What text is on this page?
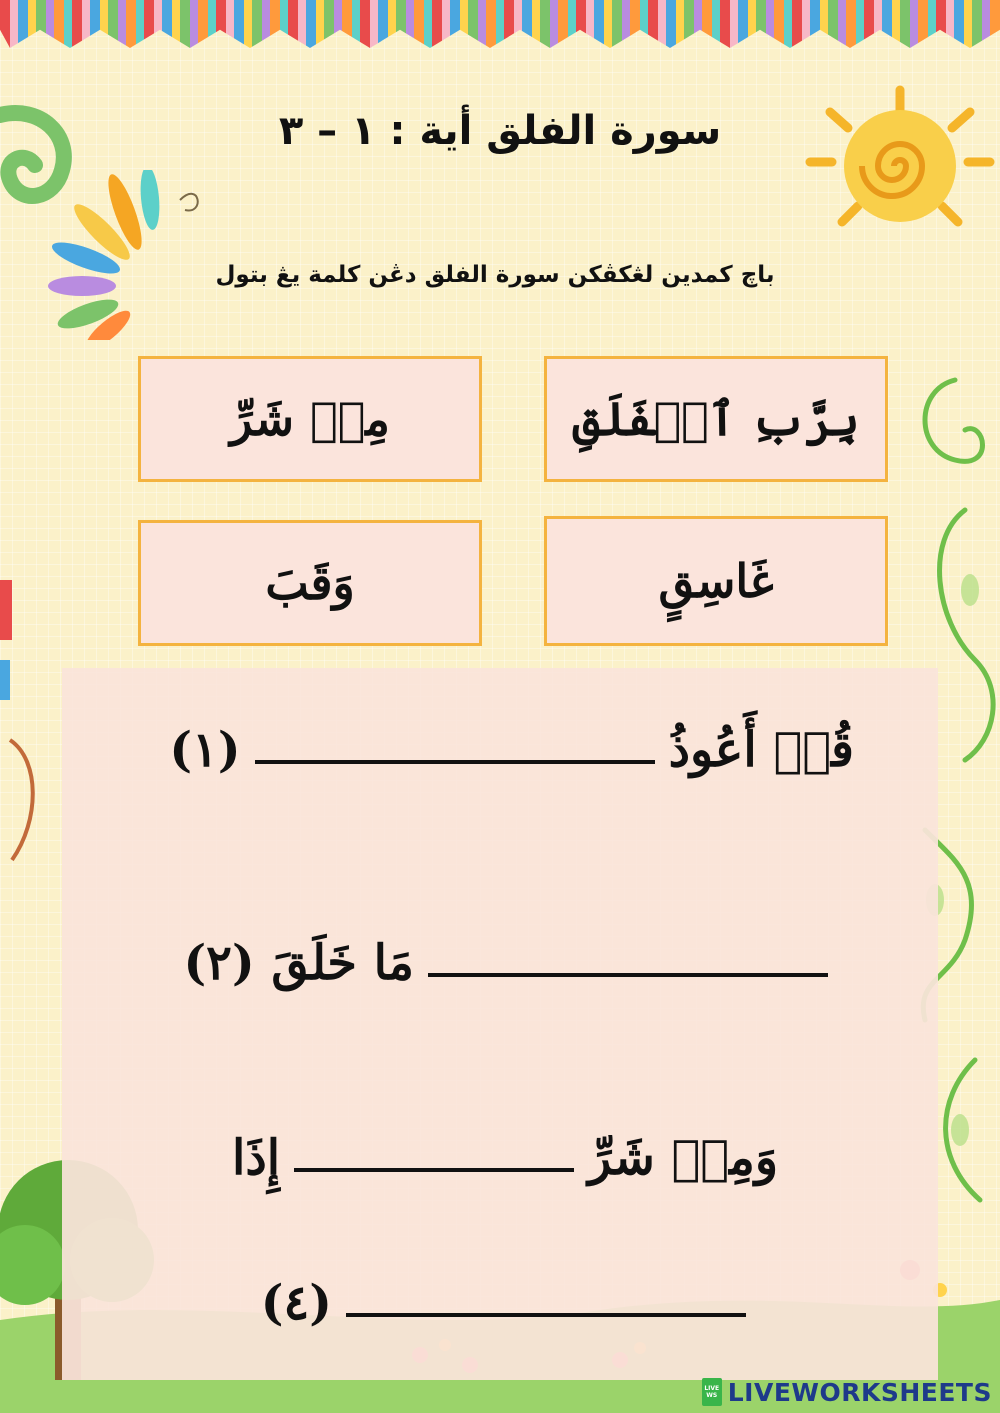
سورة الفلق أية : ١ – ٣

باچ كمدين لڠكڤكن سورة الفلق دڠن كلمة يڠ بتول

بِرَّبِ ٱلۡفَلَقِ
مِنۡ شَرِّ
غَاسِقٍ
وَقَبَ
قُلۡ أَعُوذُ
(١)
مَا خَلَقَ (٢)
وَمِنۡ شَرِّ
إِذَا
(٤)
LIVE
WS LIVEWORKSHEETS
